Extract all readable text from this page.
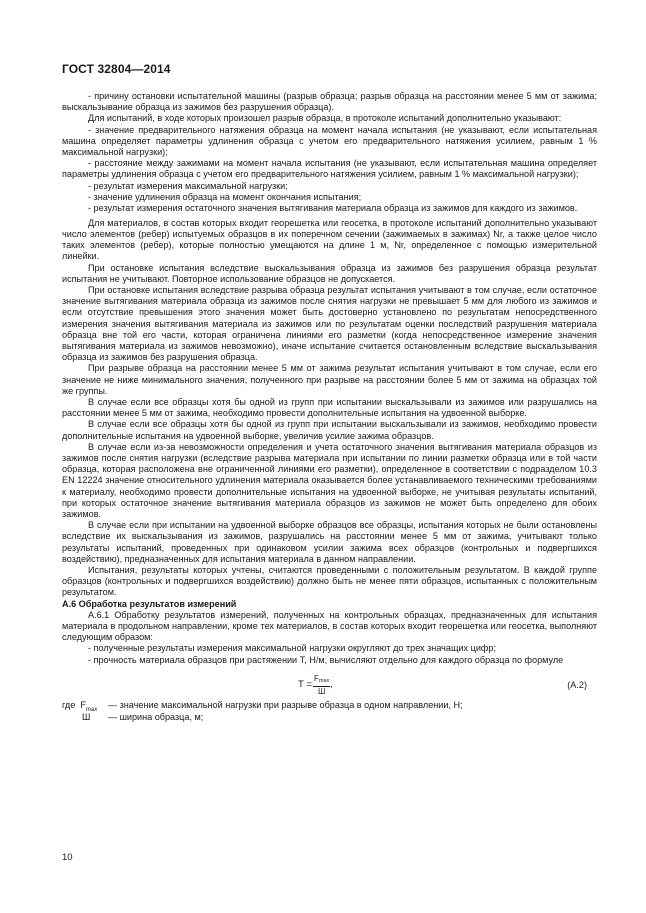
ГОСТ 32804—2014

- причину остановки испытательной машины (разрыв образца; разрыв образца на расстоянии менее 5 мм от зажима; выскальзывание образца из зажимов без разрушения образца).

Для испытаний, в ходе которых произошел разрыв образца, в протоколе испытаний дополнительно указывают:

- значение предварительного натяжения образца на момент начала испытания (не указывают, если испытательная машина определяет параметры удлинения образца с учетом его предварительного натяжения усилием, равным 1 % максимальной нагрузки);

- расстояние между зажимами на момент начала испытания (не указывают, если испытательная машина определяет параметры удлинения образца с учетом его предварительного натяжения усилием, равным 1 % максимальной нагрузки);

- результат измерения максимальной нагрузки;

- значение удлинения образца на момент окончания испытания;

- результат измерения остаточного значения вытягивания материала образца из зажимов для каждого из зажимов.

Для материалов, в состав которых входит георешетка или геосетка, в протоколе испытаний дополнительно указывают число элементов (ребер) испытуемых образцов в их поперечном сечении (зажимаемых в зажимах) Nr, а также целое число таких элементов (ребер), которые полностью умещаются на длине 1 м, Nr, определенное с помощью измерительной линейки.

При остановке испытания вследствие выскальзывания образца из зажимов без разрушения образца результат испытания не учитывают. Повторное использование образцов не допускается.

При остановке испытания вследствие разрыва образца результат испытания учитывают в том случае, если остаточное значение вытягивания материала образца из зажимов после снятия нагрузки не превышает 5 мм для любого из зажимов и если отсутствие превышения этого значения может быть достоверно установлено по результатам непосредственного измерения значения вытягивания материала из зажимов или по результатам оценки последствий разрушения материала образца вне той его части, которая ограничена линиями его разметки (когда непосредственное измерение значения вытягивания материала из зажимов невозможно), иначе испытание считается остановленным вследствие выскальзывания образца из зажимов без разрушения образца.

При разрыве образца на расстоянии менее 5 мм от зажима результат испытания учитывают в том случае, если его значение не ниже минимального значения, полученного при разрыве на расстоянии более 5 мм от зажима на образцах той же группы.

В случае если все образцы хотя бы одной из групп при испытании выскальзывали из зажимов или разрушались на расстоянии менее 5 мм от зажима, необходимо провести дополнительные испытания на удвоенной выборке.

В случае если все образцы хотя бы одной из групп при испытании выскальзывали из зажимов, необходимо провести дополнительные испытания на удвоенной выборке, увеличив усилие зажима образцов.

В случае если из-за невозможности определения и учета остаточного значения вытягивания материала образцов из зажимов после снятия нагрузки (вследствие разрыва материала при испытании по линии разметки образца или в той части образца, которая расположена вне ограниченной линиями его разметки), определенное в соответствии с подразделом 10.3 EN 12224 значение относительного удлинения материала оказывается более устанавливаемого техническими требованиями к материалу, необходимо провести дополнительные испытания на удвоенной выборке, не учитывая результаты испытаний, при которых остаточное значение вытягивания материала образцов из зажимов не может быть определено для обоих зажимов.

В случае если при испытании на удвоенной выборке образцов все образцы, испытания которых не были остановлены вследствие их выскальзывания из зажимов, разрушались на расстоянии менее 5 мм от зажима, учитывают только результаты испытаний, проведенных при одинаковом усилии зажима всех образцов (контрольных и подвергшихся воздействию), предназначенных для испытания материала в данном направлении.

Испытания, результаты которых учтены, считаются проведенными с положительным результатом. В каждой группе образцов (контрольных и подвергшихся воздействию) должно быть не менее пяти образцов, испытанных с положительным результатом.

А.6 Обработка результатов измерений

А.6.1 Обработку результатов измерений, полученных на контрольных образцах, предназначенных для испытания материала в продольном направлении, кроме тех материалов, в состав которых входит георешетка или геосетка, выполняют следующим образом:

- полученные результаты измерения максимальной нагрузки округляют до трех значащих цифр;

- прочность материала образцов при растяжении Т, Н/м, вычисляют отдельно для каждого образца по формуле

$Т = \frac{F_{max}}{Ш}$ ,	(А.2)
где $F_{max}$ — значение максимальной нагрузки при разрыве образца в одном направлении, Н;
Ш — ширина образца, м;
10
